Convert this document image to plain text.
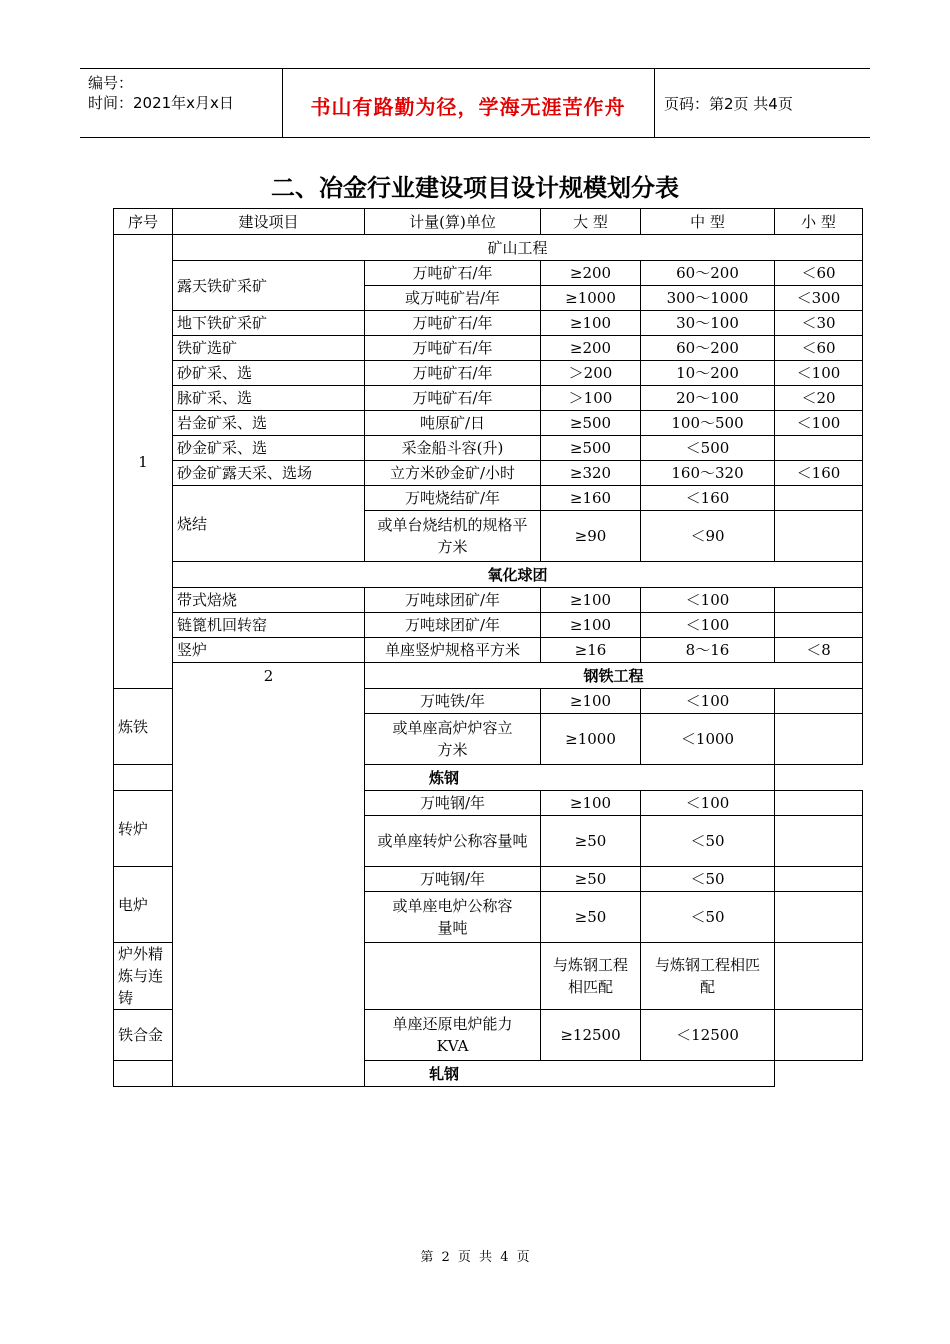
编号：
时间：2021年x月x日	书山有路勤为径，学海无涯苦作舟	页码：第2页 共4页
二、冶金行业建设项目设计规模划分表
序号	建设项目	计量(算)单位	大 型	中 型	小 型
1	矿山工程				
	露天铁矿采矿	万吨矿石/年	≥200	60～200	＜60
		或万吨矿岩/年	≥1000	300～1000	＜300
	地下铁矿采矿	万吨矿石/年	≥100	30～100	＜30
	铁矿选矿	万吨矿石/年	≥200	60～200	＜60
	砂矿采、选	万吨矿石/年	＞200	10～200	＜100
	脉矿采、选	万吨矿石/年	＞100	20～100	＜20
	岩金矿采、选	吨原矿/日	≥500	100～500	＜100
	砂金矿采、选	采金船斗容(升)	≥500	＜500	
	砂金矿露天采、选场	立方米砂金矿/小时	≥320	160～320	＜160
	烧结	万吨烧结矿/年	≥160	＜160	
		或单台烧结机的规格平方米	≥90	＜90	
	氧化球团				
	带式焙烧	万吨球团矿/年	≥100	＜100	
	链篦机回转窑	万吨球团矿/年	≥100	＜100	
	竖炉	单座竖炉规格平方米	≥16	8～16	＜8
	2	钢铁工程			
炼铁		万吨铁/年	≥100	＜100	
		或单座高炉炉容立方米	≥1000	＜1000	
炼钢					
转炉		万吨钢/年	≥100	＜100	
		或单座转炉公称容量吨	≥50	＜50	
电炉		万吨钢/年	≥50	＜50	
		或单座电炉公称容量吨	≥50	＜50	
炉外精炼与连铸			与炼钢工程相匹配	与炼钢工程相匹配	
铁合金		单座还原电炉能力KVA	≥12500	＜12500	
轧钢					
第 2 页 共 4 页
